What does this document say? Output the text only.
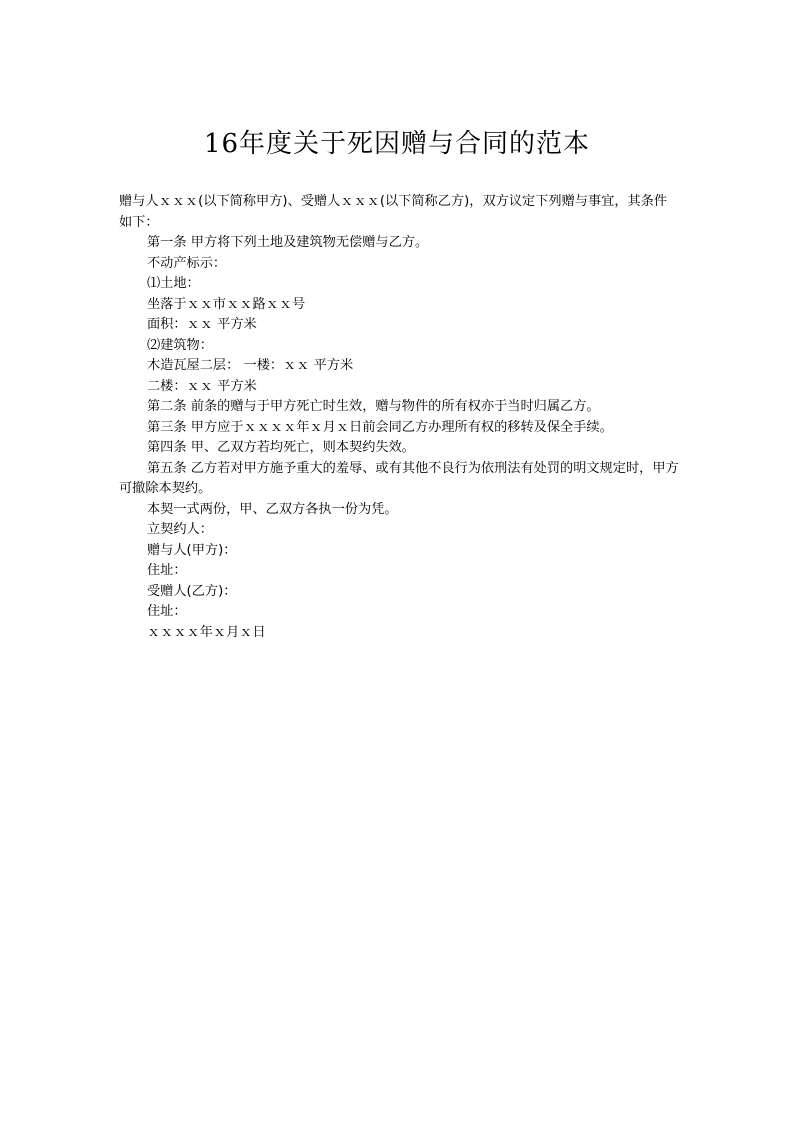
16年度关于死因赠与合同的范本

赠与人ｘｘｘ(以下简称甲方)、受赠人ｘｘｘ(以下简称乙方)，双方议定下列赠与事宜，其条件如下：

第一条 甲方将下列土地及建筑物无偿赠与乙方。

不动产标示：

⑴土地：

坐落于ｘｘ市ｘｘ路ｘｘ号

面积：ｘｘ 平方米

⑵建筑物：

木造瓦屋二层： 一楼：ｘｘ 平方米

二楼：ｘｘ 平方米

第二条 前条的赠与于甲方死亡时生效，赠与物件的所有权亦于当时归属乙方。

第三条 甲方应于ｘｘｘｘ年ｘ月ｘ日前会同乙方办理所有权的移转及保全手续。

第四条 甲、乙双方若均死亡，则本契约失效。

第五条 乙方若对甲方施予重大的羞辱、或有其他不良行为依刑法有处罚的明文规定时，甲方可撤除本契约。

本契一式两份，甲、乙双方各执一份为凭。

立契约人：

赠与人(甲方)：

住址：

受赠人(乙方)：

住址：

ｘｘｘｘ年ｘ月ｘ日
